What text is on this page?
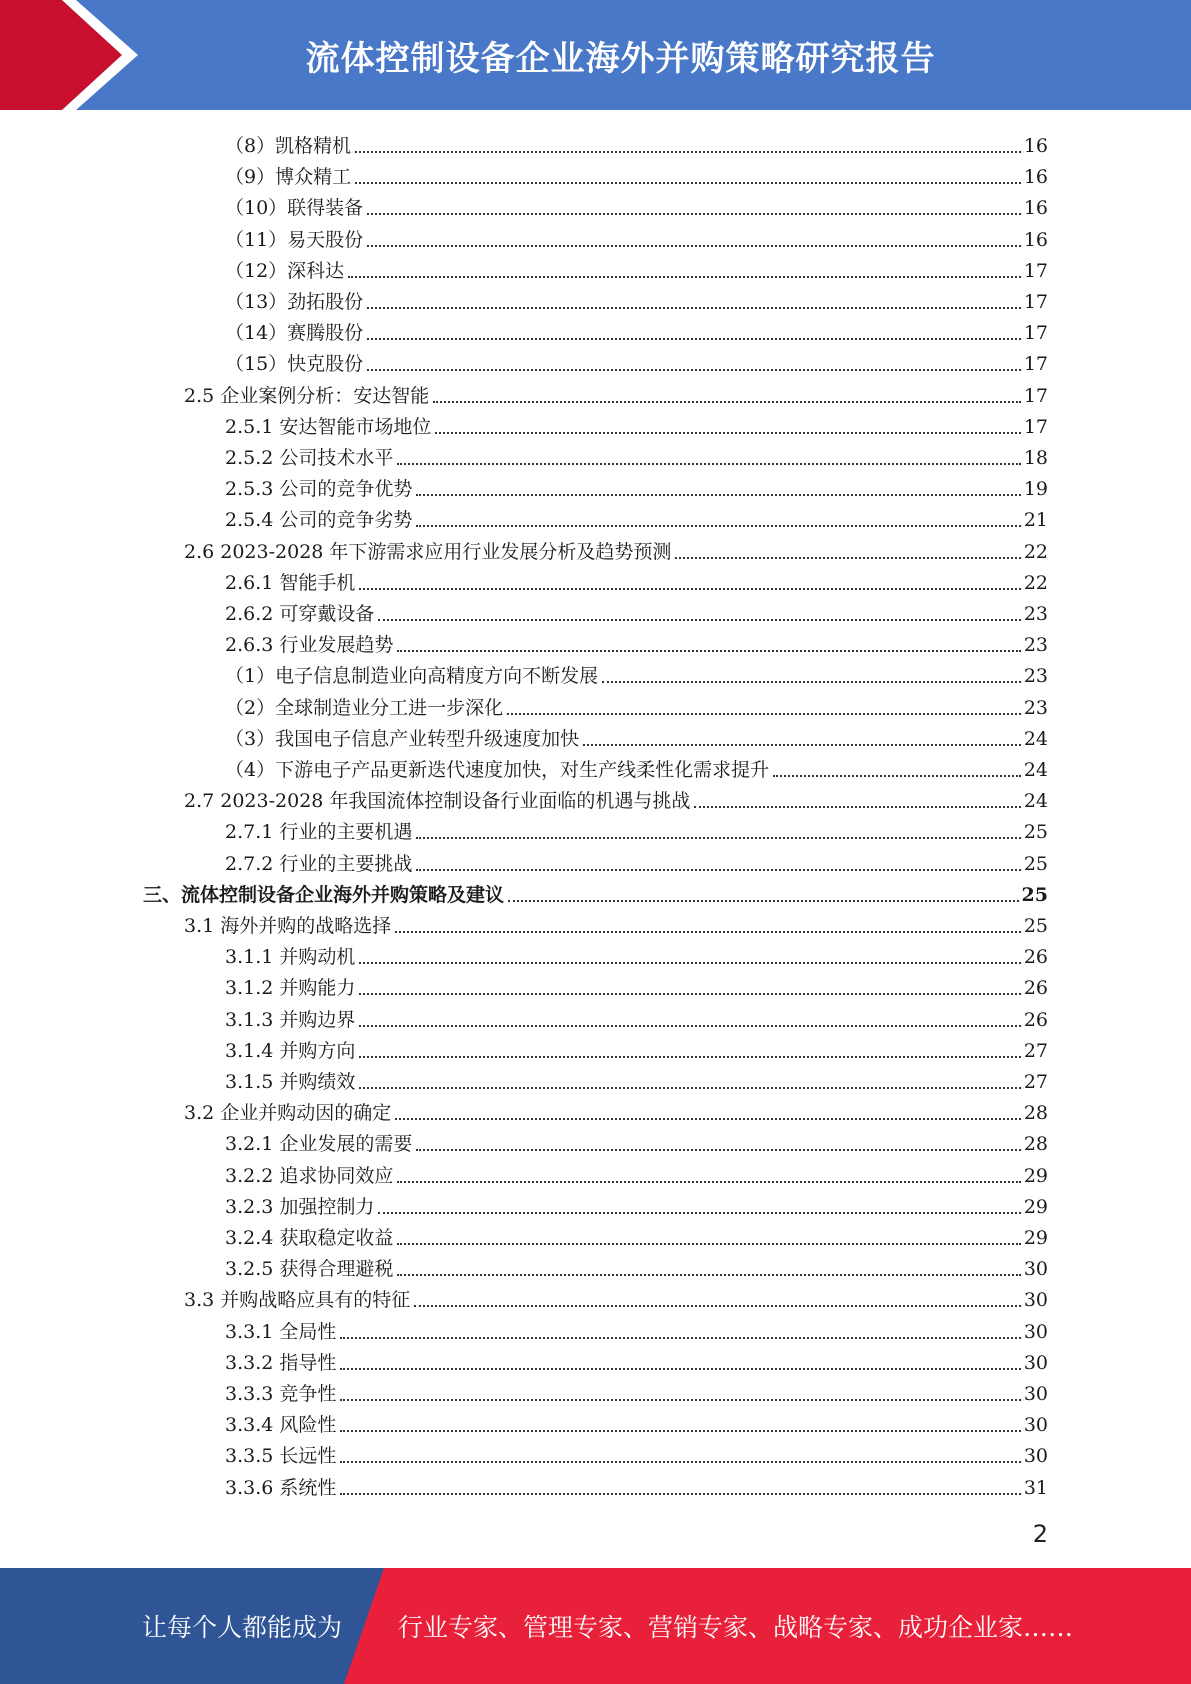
流体控制设备企业海外并购策略研究报告
（8）凯格精机	16
（9）博众精工	16
（10）联得装备	16
（11）易天股份	16
（12）深科达	17
（13）劲拓股份	17
（14）赛腾股份	17
（15）快克股份	17
2.5 企业案例分析：安达智能	17
2.5.1 安达智能市场地位	17
2.5.2 公司技术水平	18
2.5.3 公司的竞争优势	19
2.5.4 公司的竞争劣势	21
2.6 2023-2028 年下游需求应用行业发展分析及趋势预测	22
2.6.1 智能手机	22
2.6.2 可穿戴设备	23
2.6.3 行业发展趋势	23
（1）电子信息制造业向高精度方向不断发展	23
（2）全球制造业分工进一步深化	23
（3）我国电子信息产业转型升级速度加快	24
（4）下游电子产品更新迭代速度加快，对生产线柔性化需求提升	24
2.7 2023-2028 年我国流体控制设备行业面临的机遇与挑战	24
2.7.1 行业的主要机遇	25
2.7.2 行业的主要挑战	25
三、流体控制设备企业海外并购策略及建议	25
3.1 海外并购的战略选择	25
3.1.1 并购动机	26
3.1.2 并购能力	26
3.1.3 并购边界	26
3.1.4 并购方向	27
3.1.5 并购绩效	27
3.2 企业并购动因的确定	28
3.2.1 企业发展的需要	28
3.2.2 追求协同效应	29
3.2.3 加强控制力	29
3.2.4 获取稳定收益	29
3.2.5 获得合理避税	30
3.3 并购战略应具有的特征	30
3.3.1 全局性	30
3.3.2 指导性	30
3.3.3 竞争性	30
3.3.4 风险性	30
3.3.5 长远性	30
3.3.6 系统性	31
2
让每个人都能成为 行业专家、管理专家、营销专家、战略专家、成功企业家……
